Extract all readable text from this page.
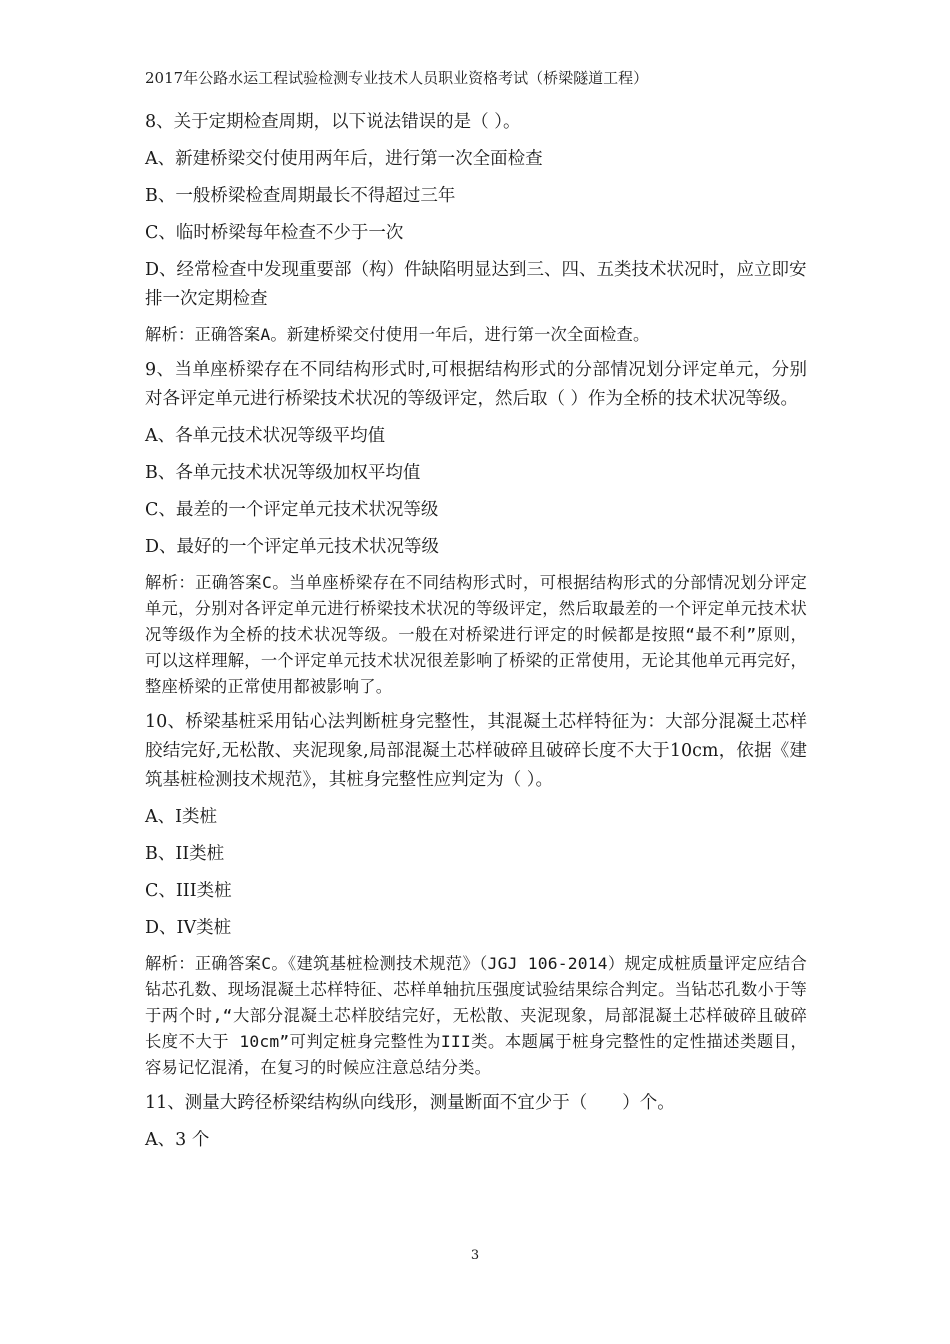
2017年公路水运工程试验检测专业技术人员职业资格考试（桥梁隧道工程）

8、关于定期检查周期，以下说法错误的是（ ）。

A、新建桥梁交付使用两年后，进行第一次全面检查

B、一般桥梁检查周期最长不得超过三年

C、临时桥梁每年检查不少于一次

D、经常检查中发现重要部（构）件缺陷明显达到三、四、五类技术状况时，应立即安排一次定期检查

解析：正确答案A。新建桥梁交付使用一年后，进行第一次全面检查。

9、当单座桥梁存在不同结构形式时,可根据结构形式的分部情况划分评定单元，分别对各评定单元进行桥梁技术状况的等级评定，然后取（ ）作为全桥的技术状况等级。

A、各单元技术状况等级平均值

B、各单元技术状况等级加权平均值

C、最差的一个评定单元技术状况等级

D、最好的一个评定单元技术状况等级

解析：正确答案C。当单座桥梁存在不同结构形式时，可根据结构形式的分部情况划分评定单元，分别对各评定单元进行桥梁技术状况的等级评定，然后取最差的一个评定单元技术状况等级作为全桥的技术状况等级。一般在对桥梁进行评定的时候都是按照“最不利”原则，可以这样理解，一个评定单元技术状况很差影响了桥梁的正常使用，无论其他单元再完好，整座桥梁的正常使用都被影响了。

10、桥梁基桩采用钻心法判断桩身完整性，其混凝土芯样特征为：大部分混凝土芯样胶结完好,无松散、夹泥现象,局部混凝土芯样破碎且破碎长度不大于10cm，依据《建筑基桩检测技术规范》，其桩身完整性应判定为（ ）。

A、I类桩

B、II类桩

C、III类桩

D、IV类桩

解析：正确答案C。《建筑基桩检测技术规范》（JGJ 106-2014）规定成桩质量评定应结合钻芯孔数、现场混凝土芯样特征、芯样单轴抗压强度试验结果综合判定。当钻芯孔数小于等于两个时,“大部分混凝土芯样胶结完好，无松散、夹泥现象，局部混凝土芯样破碎且破碎长度不大于 10cm”可判定桩身完整性为III类。本题属于桩身完整性的定性描述类题目，容易记忆混淆，在复习的时候应注意总结分类。

11、测量大跨径桥梁结构纵向线形，测量断面不宜少于（　　）个。

A、3 个

3
